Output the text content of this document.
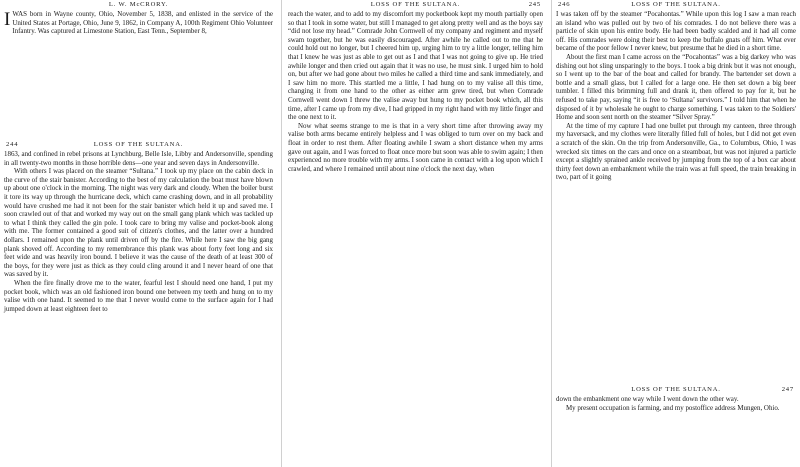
L. W. McCRORY.

IWAS born in Wayne county, Ohio, November 5, 1838, and enlisted in the service of the United States at Portage, Ohio, June 9, 1862, in Company A, 100th Regiment Ohio Volunteer Infantry. Was captured at Limestone Station, East Tenn., September 8,

244	LOSS OF THE SULTANA.

1863, and confined in rebel prisons at Lynchburg, Belle Isle, Libby and Andersonville, spending in all twenty-two months in those horrible dens—one year and seven days in Andersonville.

With others I was placed on the steamer “Sultana.” I took up my place on the cabin deck in the curve of the stair banister. According to the best of my calculation the boat must have blown up about one o'clock in the morning. The night was very dark and cloudy. When the boiler burst it tore its way up through the hurricane deck, which came crashing down, and in all probability would have crushed me had it not been for the stair banister which held it up and saved me. I soon crawled out of that and worked my way out on the small gang plank which was tackled up to what I think they called the gin pole. I took care to bring my valise and pocket-book along with me. The former contained a good suit of citizen's clothes, and the latter over a hundred dollars. I remained upon the plank until driven off by the fire. While here I saw the big gang plank shoved off. According to my remembrance this plank was about forty feet long and six feet wide and was heavily iron bound. I believe it was the cause of the death of at least 300 of the boys, for they were just as thick as they could cling around it and I never heard of one that was saved by it.

When the fire finally drove me to the water, fearful lest I should need one hand, I put my pocket book, which was an old fashioned iron bound one between my teeth and hung on to my valise with one hand. It seemed to me that I never would come to the surface again for I had jumped down at least eighteen feet to

LOSS OF THE SULTANA.	245

reach the water, and to add to my discomfort my pocketbook kept my mouth partially open so that I took in some water, but still I managed to get along pretty well and as the boys say “did not lose my head.” Comrade John Cornwell of my company and regiment and myself swam together, but he was easily discouraged. After awhile he called out to me that he could hold out no longer, but I cheered him up, urging him to try a little longer, telling him that I knew he was just as able to get out as I and that I was not going to give up. He tried awhile longer and then cried out again that it was no use, he must sink. I urged him to hold on, but after we had gone about two miles he called a third time and sank immediately, and I saw him no more. This startled me a little, I had hung on to my valise all this time, changing it from one hand to the other as either arm grew tired, but when Comrade Cornwell went down I threw the valise away but hung to my pocket book which, all this time, after I came up from my dive, I had gripped in my right hand with my little finger and the one next to it.

Now what seems strange to me is that in a very short time after throwing away my valise both arms became entirely helpless and I was obliged to turn over on my back and float in order to rest them. After floating awhile I swam a short distance when my arms gave out again, and I was forced to float once more but soon was able to swim again; I then experienced no more trouble with my arms. I soon came in contact with a log upon which I crawled, and where I remained until about nine o'clock the next day, when

246	LOSS OF THE SULTANA.

I was taken off by the steamer “Pocahontas.” While upon this log I saw a man reach an island who was pulled out by two of his comrades. I do not believe there was a particle of skin upon his entire body. He had been badly scalded and it had all come off. His comrades were doing their best to keep the buffalo gnats off him. What ever became of the poor fellow I never knew, but presume that he died in a short time.

About the first man I came across on the “Pocahontas” was a big darkey who was dishing out hot sling unsparingly to the boys. I took a big drink but it was not enough, so I went up to the bar of the boat and called for brandy. The bartender set down a bottle and a small glass, but I called for a large one. He then set down a big beer tumbler. I filled this brimming full and drank it, then offered to pay for it, but he refused to take pay, saying “it is free to ‘Sultana’ survivors.” I told him that when he disposed of it by wholesale he ought to charge something. I was taken to the Soldiers' Home and soon sent north on the steamer “Silver Spray.”

At the time of my capture I had one bullet put through my canteen, three through my haversack, and my clothes were literally filled full of holes, but I did not get even a scratch of the skin. On the trip from Andersonville, Ga., to Columbus, Ohio, I was wrecked six times on the cars and once on a steamboat, but was not injured a particle except a slightly sprained ankle received by jumping from the top of a box car about thirty feet down an embankment while the train was at full speed, the train breaking in two, part of it going

LOSS OF THE SULTANA.	247

down the embankment one way while I went down the other way.

My present occupation is farming, and my postoffice address Mungen, Ohio.
